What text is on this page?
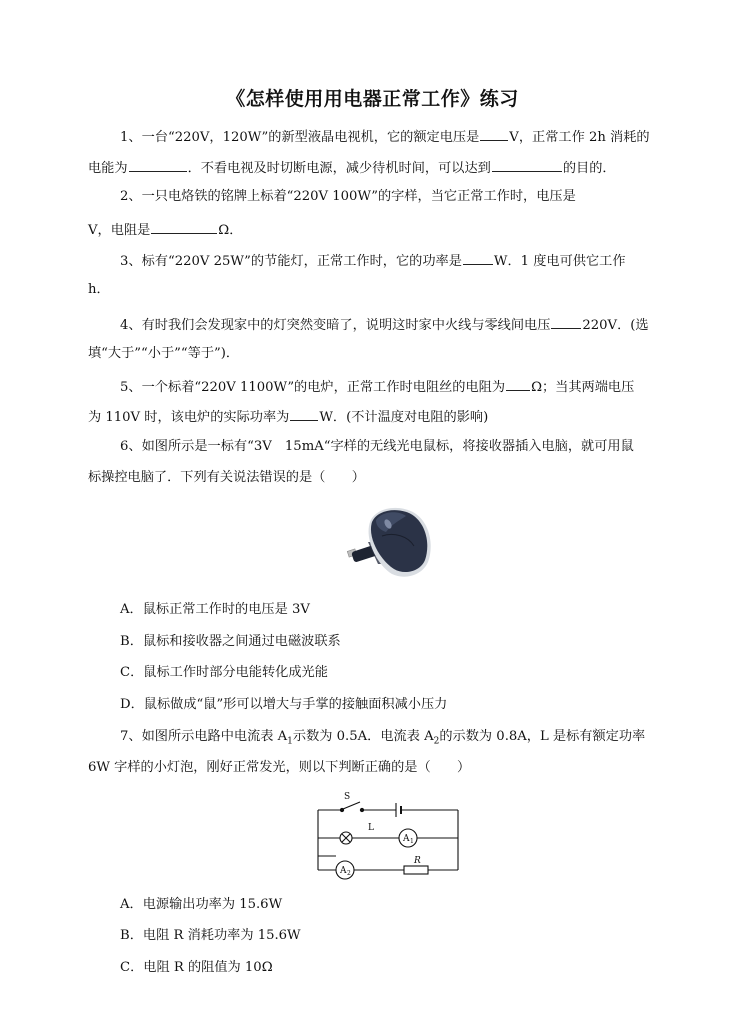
《怎样使用用电器正常工作》练习
1、一台“220V，120W”的新型液晶电视机，它的额定电压是 V，正常工作 2h 消耗的
电能为	．不看电视及时切断电源，减少待机时间，可以达到	的目的．
2、一只电烙铁的铭牌上标着“220V 100W”的字样，当它正常工作时，电压是
V，电阻是	Ω．
3、标有“220V 25W”的节能灯，正常工作时，它的功率是 W．1 度电可供它工作
h．
4、有时我们会发现家中的灯突然变暗了，说明这时家中火线与零线间电压 220V．(选
填“大于”“小于”“等于”)．
5、一个标着“220V 1100W”的电炉，正常工作时电阻丝的电阻为 Ω；当其两端电压
为 110V 时，该电炉的实际功率为 W．(不计温度对电阻的影响)
6、如图所示是一标有“3V　15mA“字样的无线光电鼠标，将接收器插入电脑，就可用鼠
标操控电脑了．下列有关说法错误的是（　　）
A．鼠标正常工作时的电压是 3V
B．鼠标和接收器之间通过电磁波联系
C．鼠标工作时部分电能转化成光能
D．鼠标做成“鼠”形可以增大与手掌的接触面积减小压力
7、如图所示电路中电流表 $A_1$示数为 0.5A．电流表 $A_2$的示数为 0.8A，L 是标有额定功率
6W 字样的小灯泡，刚好正常发光，则以下判断正确的是（　　）
S
L
A 1
A 2
R
A．电源输出功率为 15.6W
B．电阻 R 消耗功率为 15.6W
C．电阻 R 的阻值为 10Ω
